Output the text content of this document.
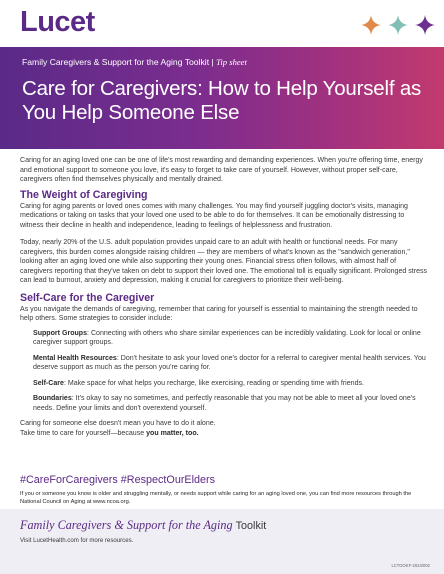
Lucet
Family Caregivers & Support for the Aging Toolkit | Tip sheet
Care for Caregivers: How to Help Yourself as You Help Someone Else

Caring for an aging loved one can be one of life's most rewarding and demanding experiences. When you're offering time, energy and emotional support to someone you love, it's easy to forget to take care of yourself. However, without proper self-care, caregivers often find themselves physically and mentally drained.

The Weight of Caregiving

Caring for aging parents or loved ones comes with many challenges. You may find yourself juggling doctor's visits, managing medications or taking on tasks that your loved one used to be able to do for themselves. It can be emotionally distressing to witness their decline in health and independence, leading to feelings of helplessness and frustration.

Today, nearly 20% of the U.S. adult population provides unpaid care to an adult with health or functional needs. For many caregivers, this burden comes alongside raising children — they are members of what's known as the "sandwich generation," looking after an aging loved one while also supporting their young ones. Financial stress often follows, with almost half of caregivers reporting that they've taken on debt to support their loved one. The emotional toll is equally significant. Prolonged stress can lead to burnout, anxiety and depression, making it crucial for caregivers to prioritize their well-being.

Self-Care for the Caregiver

As you navigate the demands of caregiving, remember that caring for yourself is essential to maintaining the strength needed to help others. Some strategies to consider include:

Support Groups: Connecting with others who share similar experiences can be incredibly validating. Look for local or online caregiver support groups.

Mental Health Resources: Don't hesitate to ask your loved one's doctor for a referral to caregiver mental health services. You deserve support as much as the person you're caring for.

Self-Care: Make space for what helps you recharge, like exercising, reading or spending time with friends.

Boundaries: It's okay to say no sometimes, and perfectly reasonable that you may not be able to meet all your loved one's needs. Define your limits and don't overextend yourself.

Caring for someone else doesn't mean you have to do it alone.

Take time to care for yourself—because you matter, too.

#CareForCaregivers #RespectOurElders

If you or someone you know is older and struggling mentally, or needs support while caring for an aging loved one, you can find more resources through the National Council on Aging at www.ncoa.org.

Family Caregivers & Support for the Aging Toolkit
Visit LucetHealth.com for more resources.
LCTOOKF-2024/002
